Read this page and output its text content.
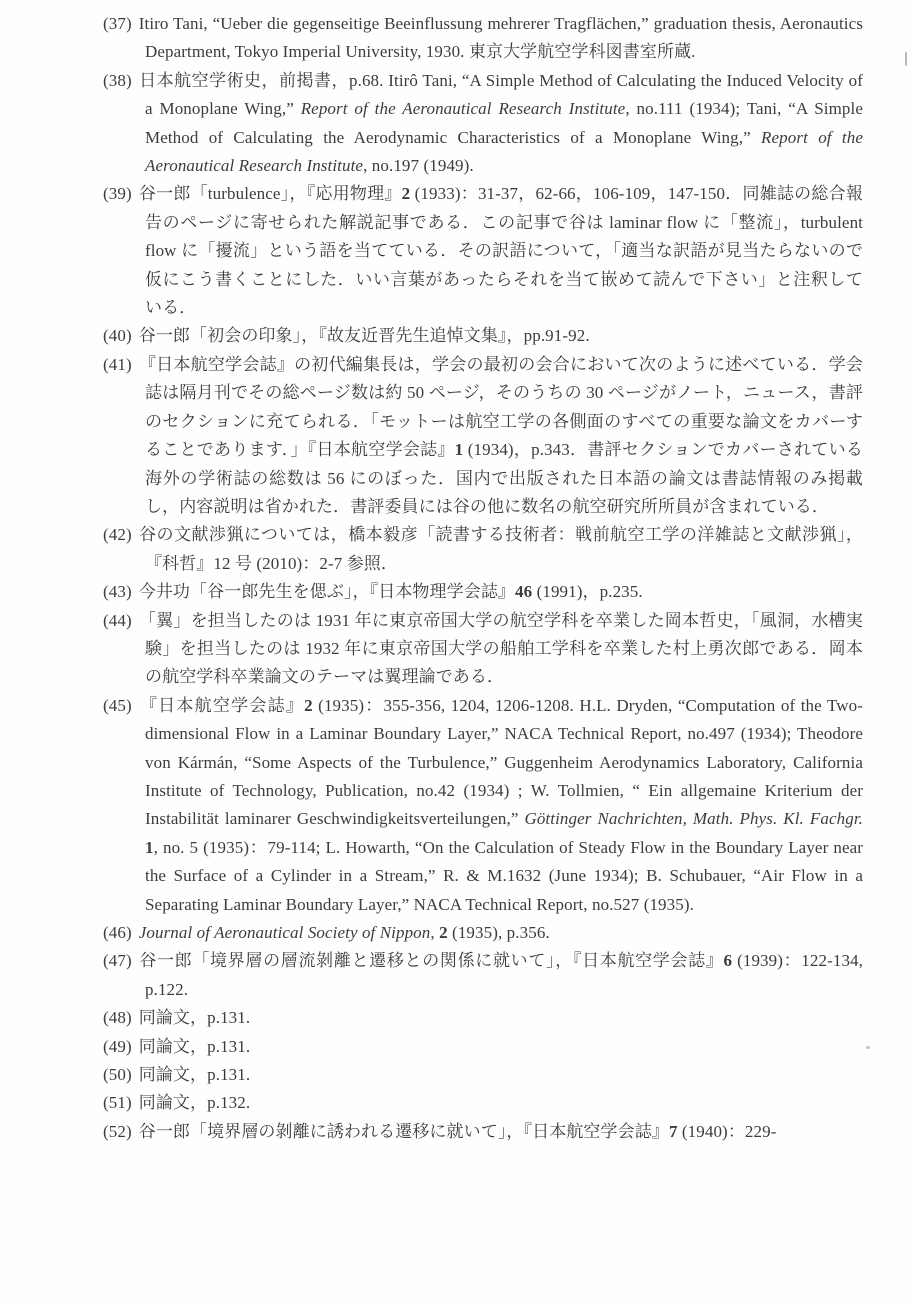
(37) Itiro Tani, “Ueber die gegenseitige Beeinflussung mehrerer Tragflächen,” graduation thesis, Aeronautics Department, Tokyo Imperial University, 1930. 東京大学航空学科図書室所蔵.
(38) 日本航空学術史，前掲書，p.68. Itirô Tani, “A Simple Method of Calculating the Induced Velocity of a Monoplane Wing,” Report of the Aeronautical Research Institute, no.111 (1934); Tani, “A Simple Method of Calculating the Aerodynamic Characteristics of a Monoplane Wing,” Report of the Aeronautical Research Institute, no.197 (1949).
(39) 谷一郎「turbulence」，『応用物理』2 (1933)：31-37，62-66，106-109，147-150．同雑誌の総合報告のページに寄せられた解説記事である．この記事で谷は laminar flow に「整流」，turbulent flow に「擾流」という語を当てている．その訳語について，「適当な訳語が見当たらないので仮にこう書くことにした．いい言葉があったらそれを当て嵌めて読んで下さい」と注釈している．
(40) 谷一郎「初会の印象」，『故友近晋先生追悼文集』，pp.91-92.
(41) 『日本航空学会誌』の初代編集長は，学会の最初の会合において次のように述べている．学会誌は隔月刊でその総ページ数は約 50 ページ，そのうちの 30 ページがノート，ニュース，書評のセクションに充てられる．「モットーは航空工学の各側面のすべての重要な論文をカバーすることであります．」『日本航空学会誌』1 (1934)，p.343．書評セクションでカバーされている海外の学術誌の総数は 56 にのぼった．国内で出版された日本語の論文は書誌情報のみ掲載し，内容説明は省かれた．書評委員には谷の他に数名の航空研究所所員が含まれている．
(42) 谷の文献渉猟については，橋本毅彦「読書する技術者：戦前航空工学の洋雑誌と文献渉猟」，『科哲』12 号 (2010)：2-7 参照．
(43) 今井功「谷一郎先生を偲ぶ」，『日本物理学会誌』46 (1991)，p.235.
(44) 「翼」を担当したのは 1931 年に東京帝国大学の航空学科を卒業した岡本哲史，「風洞，水槽実験」を担当したのは 1932 年に東京帝国大学の船舶工学科を卒業した村上勇次郎である．岡本の航空学科卒業論文のテーマは翼理論である．
(45) 『日本航空学会誌』2 (1935)：355-356, 1204, 1206-1208. H.L. Dryden, “Computation of the Two-dimensional Flow in a Laminar Boundary Layer,” NACA Technical Report, no.497 (1934); Theodore von Kármán, “Some Aspects of the Turbulence,” Guggenheim Aerodynamics Laboratory, California Institute of Technology, Publication, no.42 (1934) ; W. Tollmien, “ Ein allgemaine Kriterium der Instabilität laminarer Geschwindigkeitsverteilungen,” Göttinger Nachrichten, Math. Phys. Kl. Fachgr. 1, no. 5 (1935)：79-114; L. Howarth, “On the Calculation of Steady Flow in the Boundary Layer near the Surface of a Cylinder in a Stream,” R. & M.1632 (June 1934); B. Schubauer, “Air Flow in a Separating Laminar Boundary Layer,” NACA Technical Report, no.527 (1935).
(46) Journal of Aeronautical Society of Nippon, 2 (1935), p.356.
(47) 谷一郎「境界層の層流剝離と遷移との関係に就いて」，『日本航空学会誌』6 (1939)：122-134, p.122.
(48) 同論文，p.131.
(49) 同論文，p.131.
(50) 同論文，p.131.
(51) 同論文，p.132.
(52) 谷一郎「境界層の剝離に誘われる遷移に就いて」，『日本航空学会誌』7 (1940)：229-
